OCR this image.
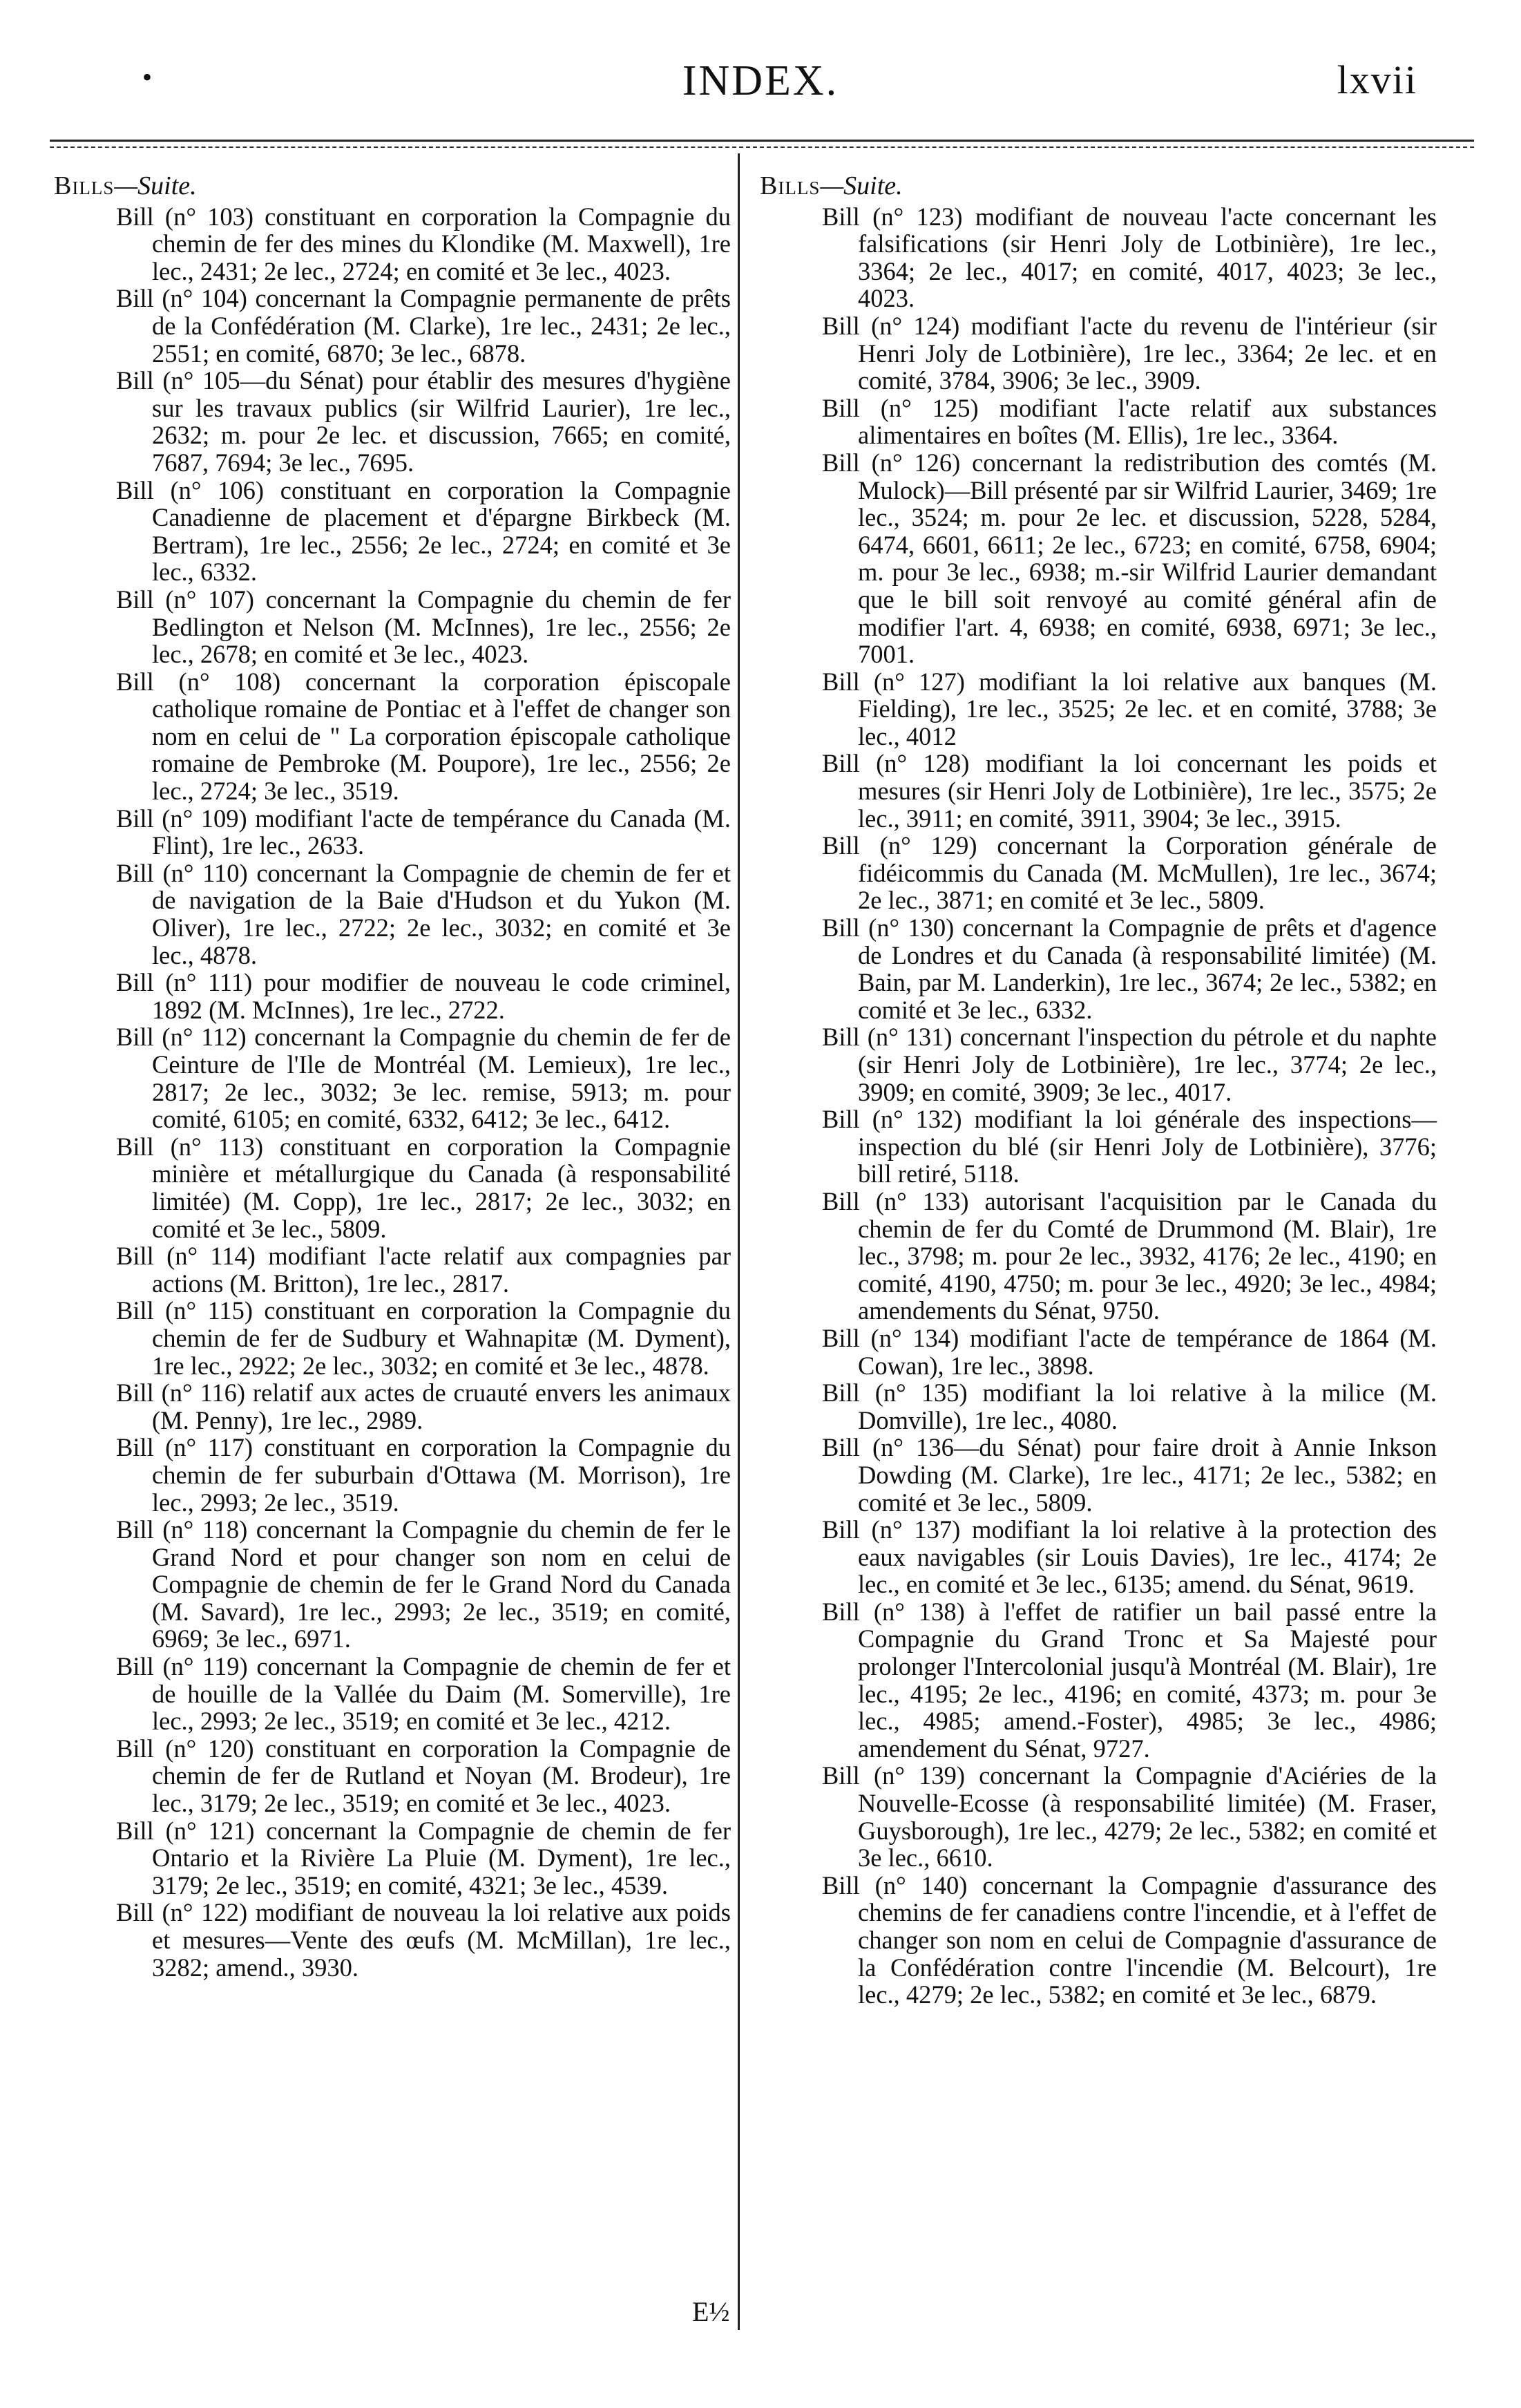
•	INDEX.	lxvii
Bills—Suite.

Bill (n° 103) constituant en corporation la Compagnie du chemin de fer des mines du Klondike (M. Maxwell), 1re lec., 2431; 2e lec., 2724; en comité et 3e lec., 4023.

Bill (n° 104) concernant la Compagnie permanente de prêts de la Confédération (M. Clarke), 1re lec., 2431; 2e lec., 2551; en comité, 6870; 3e lec., 6878.

Bill (n° 105—du Sénat) pour établir des mesures d'hygiène sur les travaux publics (sir Wilfrid Laurier), 1re lec., 2632; m. pour 2e lec. et discussion, 7665; en comité, 7687, 7694; 3e lec., 7695.

Bill (n° 106) constituant en corporation la Compagnie Canadienne de placement et d'épargne Birkbeck (M. Bertram), 1re lec., 2556; 2e lec., 2724; en comité et 3e lec., 6332.

Bill (n° 107) concernant la Compagnie du chemin de fer Bedlington et Nelson (M. McInnes), 1re lec., 2556; 2e lec., 2678; en comité et 3e lec., 4023.

Bill (n° 108) concernant la corporation épiscopale catholique romaine de Pontiac et à l'effet de changer son nom en celui de " La corporation épiscopale catholique romaine de Pembroke (M. Poupore), 1re lec., 2556; 2e lec., 2724; 3e lec., 3519.

Bill (n° 109) modifiant l'acte de tempérance du Canada (M. Flint), 1re lec., 2633.

Bill (n° 110) concernant la Compagnie de chemin de fer et de navigation de la Baie d'Hudson et du Yukon (M. Oliver), 1re lec., 2722; 2e lec., 3032; en comité et 3e lec., 4878.

Bill (n° 111) pour modifier de nouveau le code criminel, 1892 (M. McInnes), 1re lec., 2722.

Bill (n° 112) concernant la Compagnie du chemin de fer de Ceinture de l'Ile de Montréal (M. Lemieux), 1re lec., 2817; 2e lec., 3032; 3e lec. remise, 5913; m. pour comité, 6105; en comité, 6332, 6412; 3e lec., 6412.

Bill (n° 113) constituant en corporation la Compagnie minière et métallurgique du Canada (à responsabilité limitée) (M. Copp), 1re lec., 2817; 2e lec., 3032; en comité et 3e lec., 5809.

Bill (n° 114) modifiant l'acte relatif aux compagnies par actions (M. Britton), 1re lec., 2817.

Bill (n° 115) constituant en corporation la Compagnie du chemin de fer de Sudbury et Wahnapitæ (M. Dyment), 1re lec., 2922; 2e lec., 3032; en comité et 3e lec., 4878.

Bill (n° 116) relatif aux actes de cruauté envers les animaux (M. Penny), 1re lec., 2989.

Bill (n° 117) constituant en corporation la Compagnie du chemin de fer suburbain d'Ottawa (M. Morrison), 1re lec., 2993; 2e lec., 3519.

Bill (n° 118) concernant la Compagnie du chemin de fer le Grand Nord et pour changer son nom en celui de Compagnie de chemin de fer le Grand Nord du Canada (M. Savard), 1re lec., 2993; 2e lec., 3519; en comité, 6969; 3e lec., 6971.

Bill (n° 119) concernant la Compagnie de chemin de fer et de houille de la Vallée du Daim (M. Somerville), 1re lec., 2993; 2e lec., 3519; en comité et 3e lec., 4212.

Bill (n° 120) constituant en corporation la Compagnie de chemin de fer de Rutland et Noyan (M. Brodeur), 1re lec., 3179; 2e lec., 3519; en comité et 3e lec., 4023.

Bill (n° 121) concernant la Compagnie de chemin de fer Ontario et la Rivière La Pluie (M. Dyment), 1re lec., 3179; 2e lec., 3519; en comité, 4321; 3e lec., 4539.

Bill (n° 122) modifiant de nouveau la loi relative aux poids et mesures—Vente des œufs (M. McMillan), 1re lec., 3282; amend., 3930.

Bills—Suite.

Bill (n° 123) modifiant de nouveau l'acte concernant les falsifications (sir Henri Joly de Lotbinière), 1re lec., 3364; 2e lec., 4017; en comité, 4017, 4023; 3e lec., 4023.

Bill (n° 124) modifiant l'acte du revenu de l'intérieur (sir Henri Joly de Lotbinière), 1re lec., 3364; 2e lec. et en comité, 3784, 3906; 3e lec., 3909.

Bill (n° 125) modifiant l'acte relatif aux substances alimentaires en boîtes (M. Ellis), 1re lec., 3364.

Bill (n° 126) concernant la redistribution des comtés (M. Mulock)—Bill présenté par sir Wilfrid Laurier, 3469; 1re lec., 3524; m. pour 2e lec. et discussion, 5228, 5284, 6474, 6601, 6611; 2e lec., 6723; en comité, 6758, 6904; m. pour 3e lec., 6938; m.-sir Wilfrid Laurier demandant que le bill soit renvoyé au comité général afin de modifier l'art. 4, 6938; en comité, 6938, 6971; 3e lec., 7001.

Bill (n° 127) modifiant la loi relative aux banques (M. Fielding), 1re lec., 3525; 2e lec. et en comité, 3788; 3e lec., 4012

Bill (n° 128) modifiant la loi concernant les poids et mesures (sir Henri Joly de Lotbinière), 1re lec., 3575; 2e lec., 3911; en comité, 3911, 3904; 3e lec., 3915.

Bill (n° 129) concernant la Corporation générale de fidéicommis du Canada (M. McMullen), 1re lec., 3674; 2e lec., 3871; en comité et 3e lec., 5809.

Bill (n° 130) concernant la Compagnie de prêts et d'agence de Londres et du Canada (à responsabilité limitée) (M. Bain, par M. Landerkin), 1re lec., 3674; 2e lec., 5382; en comité et 3e lec., 6332.

Bill (n° 131) concernant l'inspection du pétrole et du naphte (sir Henri Joly de Lotbinière), 1re lec., 3774; 2e lec., 3909; en comité, 3909; 3e lec., 4017.

Bill (n° 132) modifiant la loi générale des inspections—inspection du blé (sir Henri Joly de Lotbinière), 3776; bill retiré, 5118.

Bill (n° 133) autorisant l'acquisition par le Canada du chemin de fer du Comté de Drummond (M. Blair), 1re lec., 3798; m. pour 2e lec., 3932, 4176; 2e lec., 4190; en comité, 4190, 4750; m. pour 3e lec., 4920; 3e lec., 4984; amendements du Sénat, 9750.

Bill (n° 134) modifiant l'acte de tempérance de 1864 (M. Cowan), 1re lec., 3898.

Bill (n° 135) modifiant la loi relative à la milice (M. Domville), 1re lec., 4080.

Bill (n° 136—du Sénat) pour faire droit à Annie Inkson Dowding (M. Clarke), 1re lec., 4171; 2e lec., 5382; en comité et 3e lec., 5809.

Bill (n° 137) modifiant la loi relative à la protection des eaux navigables (sir Louis Davies), 1re lec., 4174; 2e lec., en comité et 3e lec., 6135; amend. du Sénat, 9619.

Bill (n° 138) à l'effet de ratifier un bail passé entre la Compagnie du Grand Tronc et Sa Majesté pour prolonger l'Intercolonial jusqu'à Montréal (M. Blair), 1re lec., 4195; 2e lec., 4196; en comité, 4373; m. pour 3e lec., 4985; amend.-Foster), 4985; 3e lec., 4986; amendement du Sénat, 9727.

Bill (n° 139) concernant la Compagnie d'Aciéries de la Nouvelle-Ecosse (à responsabilité limitée) (M. Fraser, Guysborough), 1re lec., 4279; 2e lec., 5382; en comité et 3e lec., 6610.

Bill (n° 140) concernant la Compagnie d'assurance des chemins de fer canadiens contre l'incendie, et à l'effet de changer son nom en celui de Compagnie d'assurance de la Confédération contre l'incendie (M. Belcourt), 1re lec., 4279; 2e lec., 5382; en comité et 3e lec., 6879.

E½
